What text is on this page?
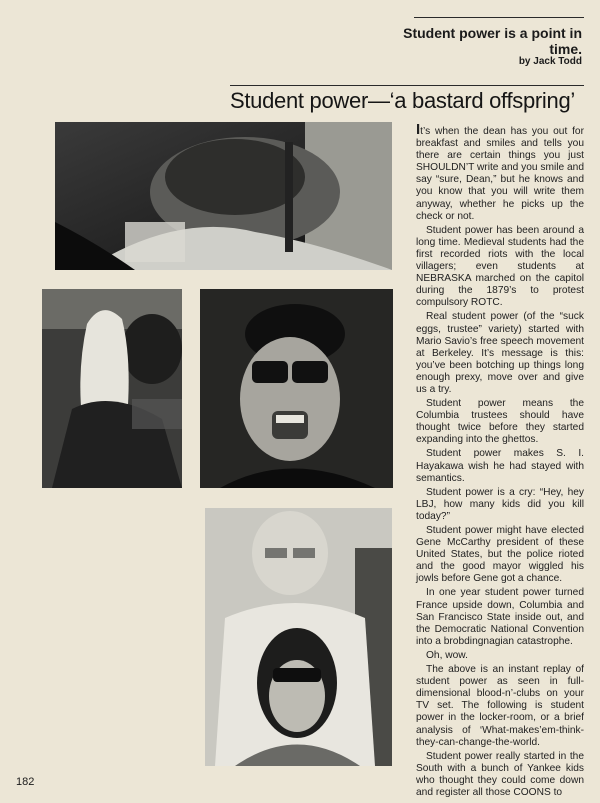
Student power is a point in time.
by Jack Todd
Student power—‘a bastard offspring’

It’s when the dean has you out for breakfast and smiles and tells you there are certain things you just SHOULDN’T write and you smile and say “sure, Dean,” but he knows and you know that you will write them anyway, whether he picks up the check or not.

Student power has been around a long time. Medieval students had the first recorded riots with the local villagers; even students at NEBRASKA marched on the capitol during the 1879’s to protest compulsory ROTC.

Real student power (of the “suck eggs, trustee” variety) started with Mario Savio’s free speech movement at Berkeley. It’s message is this: you’ve been botching up things long enough prexy, move over and give us a try.

Student power means the Columbia trustees should have thought twice before they started expanding into the ghettos.

Student power makes S. I. Hayakawa wish he had stayed with semantics.

Student power is a cry: “Hey, hey LBJ, how many kids did you kill today?”

Student power might have elected Gene McCarthy president of these United States, but the police rioted and the good mayor wiggled his jowls before Gene got a chance.

In one year student power turned France upside down, Columbia and San Francisco State inside out, and the Democratic National Convention into a brobdingnagian catastrophe.

Oh, wow.

The above is an instant replay of student power as seen in full-dimensional blood-n’-clubs on your TV set. The following is student power in the locker-room, or a brief analysis of ‘What-makes’em-think-they-can-change-the-world.

Student power really started in the South with a bunch of Yankee kids who thought they could come down and register all those COONS to

182
